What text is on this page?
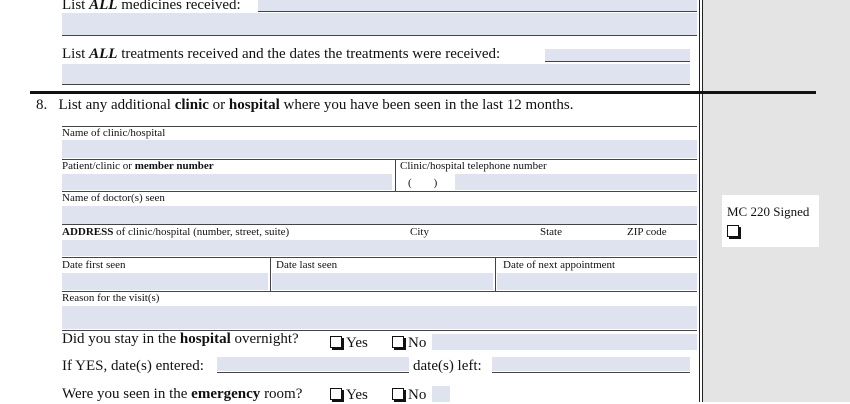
MC 220 Signed
List ALL medicines received:
List ALL treatments received and the dates the treatments were received:
8. List any additional clinic or hospital where you have been seen in the last 12 months.
Name of clinic/hospital
Patient/clinic or member number	Clinic/hospital telephone number
(        )
Name of doctor(s) seen
ADDRESS of clinic/hospital (number, street, suite)	City	State	ZIP code
Date first seen	Date last seen	Date of next appointment
Reason for the visit(s)
Did you stay in the hospital overnight?	Yes	No
If YES, date(s) entered:	date(s) left:
Were you seen in the emergency room?	Yes	No
